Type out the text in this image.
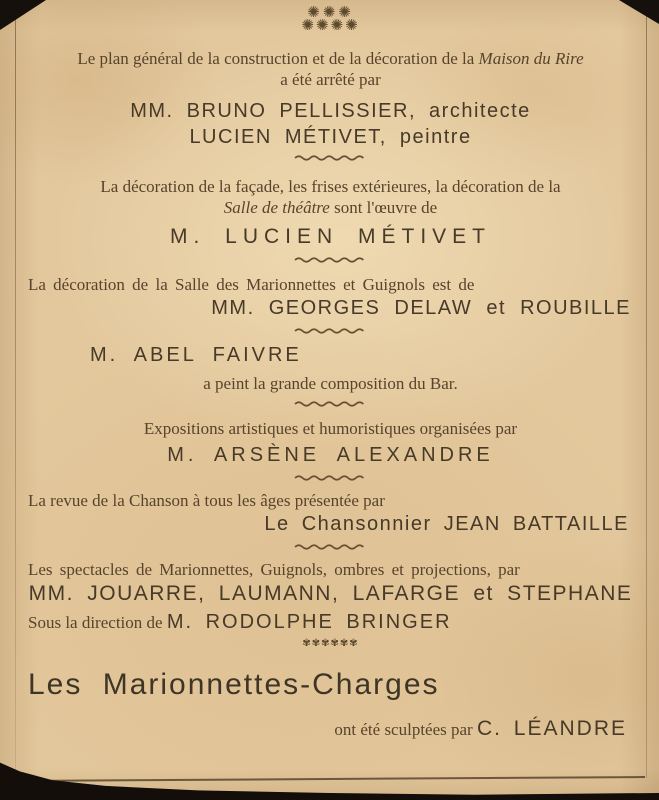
✺✺✺
✺✺✺✺
Le plan général de la construction et de la décoration de la Maison du Rire
a été arrêté par
MM. BRUNO PELLISSIER, architecte
LUCIEN MÉTIVET, peintre
La décoration de la façade, les frises extérieures, la décoration de la
Salle de théâtre sont l'œuvre de
M. LUCIEN MÉTIVET
La décoration de la Salle des Marionnettes et Guignols est de
MM. GEORGES DELAW et ROUBILLE
M. ABEL FAIVRE
a peint la grande composition du Bar.
Expositions artistiques et humoristiques organisées par
M. ARSÈNE ALEXANDRE
La revue de la Chanson à tous les âges présentée par
Le Chansonnier JEAN BATTAILLE
Les spectacles de Marionnettes, Guignols, ombres et projections, par
MM. JOUARRE, LAUMANN, LAFARGE et STEPHANE
Sous la direction de M. RODOLPHE BRINGER
✾✾✾✾✾✾
Les Marionnettes-Charges
ont été sculptées par C. LÉANDRE
